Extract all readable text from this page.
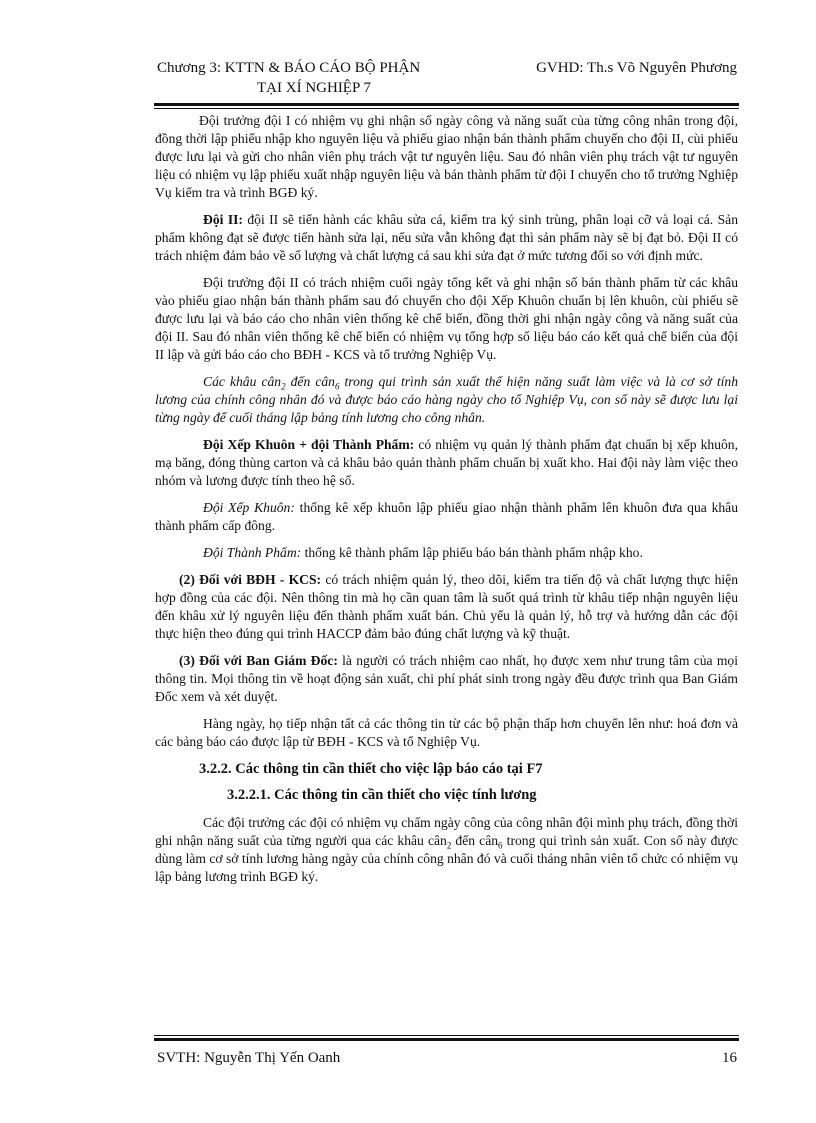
Chương 3: KTTN & BÁO CÁO BỘ PHẬN
TẠI XÍ NGHIỆP 7
GVHD: Th.s Võ Nguyên Phương

Đội trưởng đội I có nhiệm vụ ghi nhận số ngày công và năng suất của từng công nhân trong đội, đồng thời lập phiếu nhập kho nguyên liệu và phiếu giao nhận bán thành phẩm chuyển cho đội II, cùi phiếu được lưu lại và gửi cho nhân viên phụ trách vật tư nguyên liệu. Sau đó nhân viên phụ trách vật tư nguyên liệu có nhiệm vụ lập phiếu xuất nhập nguyên liệu và bán thành phẩm từ đội I chuyển cho tổ trưởng Nghiệp Vụ kiểm tra và trình BGĐ ký.

Đội II: đội II sẽ tiến hành các khâu sửa cá, kiểm tra ký sinh trùng, phân loại cỡ và loại cá. Sản phẩm không đạt sẽ được tiến hành sửa lại, nếu sửa vẫn không đạt thì sản phẩm này sẽ bị đạt bỏ. Đội II có trách nhiệm đảm bảo về số lượng và chất lượng cá sau khi sửa đạt ở mức tương đối so với định mức.

Đội trưởng đội II có trách nhiệm cuối ngày tổng kết và ghi nhận số bán thành phẩm từ các khâu vào phiếu giao nhận bán thành phẩm sau đó chuyển cho đội Xếp Khuôn chuẩn bị lên khuôn, cùi phiếu sẽ được lưu lại và báo cáo cho nhân viên thống kê chế biến, đồng thời ghi nhận ngày công và năng suất của đội II. Sau đó nhân viên thống kê chế biến có nhiệm vụ tổng hợp số liệu báo cáo kết quả chế biến của đội II lập và gửi báo cáo cho BĐH - KCS và tổ trưởng Nghiệp Vụ.

Các khâu cân$_2$ đến cân$_6$ trong qui trình sản xuất thể hiện năng suất làm việc và là cơ sở tính lương của chính công nhân đó và được báo cáo hàng ngày cho tổ Nghiệp Vụ, con số này sẽ được lưu lại từng ngày để cuối tháng lập bảng tính lương cho công nhân.

Đội Xếp Khuôn + đội Thành Phẩm: có nhiệm vụ quản lý thành phẩm đạt chuẩn bị xếp khuôn, mạ băng, đóng thùng carton và cả khâu bảo quản thành phẩm chuẩn bị xuất kho. Hai đội này làm việc theo nhóm và lương được tính theo hệ số.

Đội Xếp Khuôn: thống kê xếp khuôn lập phiếu giao nhận thành phẩm lên khuôn đưa qua khâu thành phẩm cấp đông.

Đội Thành Phẩm: thống kê thành phẩm lập phiếu báo bán thành phẩm nhập kho.

(2) Đối với BĐH - KCS: có trách nhiệm quản lý, theo dõi, kiểm tra tiến độ và chất lượng thực hiện hợp đồng của các đội. Nên thông tin mà họ cần quan tâm là suốt quá trình từ khâu tiếp nhận nguyên liệu đến khâu xử lý nguyên liệu đến thành phẩm xuất bán. Chủ yếu là quản lý, hỗ trợ và hướng dẫn các đội thực hiện theo đúng qui trình HACCP đảm bảo đúng chất lượng và kỹ thuật.

(3) Đối với Ban Giám Đốc: là người có trách nhiệm cao nhất, họ được xem như trung tâm của mọi thông tin. Mọi thông tin về hoạt động sản xuất, chi phí phát sinh trong ngày đều được trình qua Ban Giám Đốc xem và xét duyệt.

Hàng ngày, họ tiếp nhận tất cả các thông tin từ các bộ phận thấp hơn chuyển lên như: hoá đơn và các bảng báo cáo được lập từ BĐH - KCS và tổ Nghiệp Vụ.

3.2.2. Các thông tin cần thiết cho việc lập báo cáo tại F7
3.2.2.1. Các thông tin cần thiết cho việc tính lương

Các đội trưởng các đội có nhiệm vụ chấm ngày công của công nhân đội mình phụ trách, đồng thời ghi nhận năng suất của từng người qua các khâu cân$_2$ đến cân$_6$ trong qui trình sản xuất. Con số này được dùng làm cơ sở tính lương hàng ngày của chính công nhân đó và cuối tháng nhân viên tổ chức có nhiệm vụ lập bảng lương trình BGĐ ký.

SVTH: Nguyễn Thị Yến Oanh	16
